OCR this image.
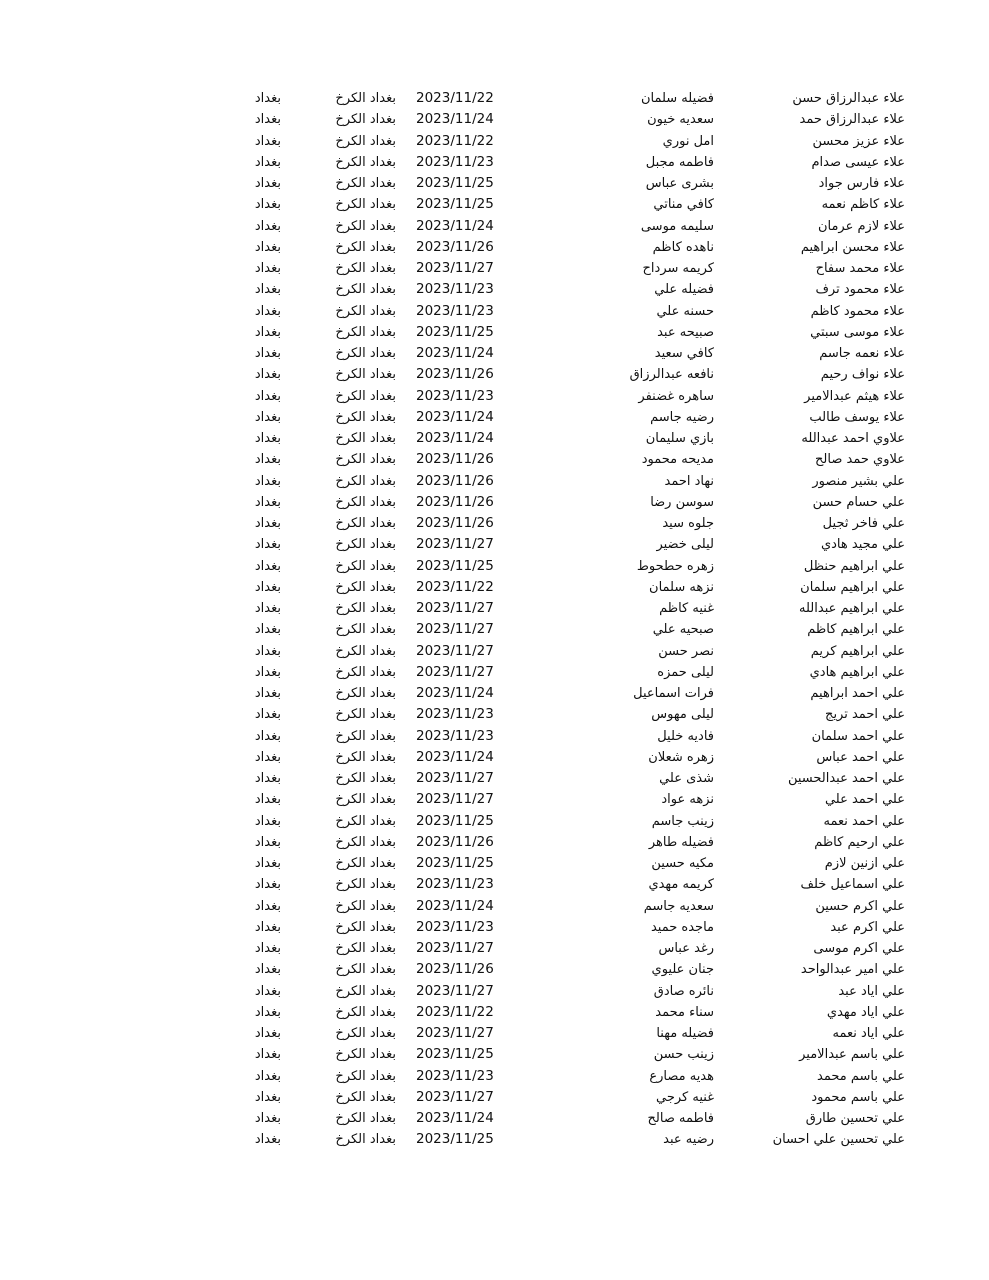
علاء عبدالرزاق حسن
فضيله سلمان
2023/11/22
بغداد الكرخ
بغداد
علاء عبدالرزاق حمد
سعديه خيون
2023/11/24
بغداد الكرخ
بغداد
علاء عزيز محسن
امل نوري
2023/11/22
بغداد الكرخ
بغداد
علاء عيسى صدام
فاطمه مجبل
2023/11/23
بغداد الكرخ
بغداد
علاء فارس جواد
بشرى عباس
2023/11/25
بغداد الكرخ
بغداد
علاء كاظم نعمه
كافي مناتي
2023/11/25
بغداد الكرخ
بغداد
علاء لازم عرمان
سليمه موسى
2023/11/24
بغداد الكرخ
بغداد
علاء محسن ابراهيم
ناهده كاظم
2023/11/26
بغداد الكرخ
بغداد
علاء محمد سفاح
كريمه سرداح
2023/11/27
بغداد الكرخ
بغداد
علاء محمود ترف
فضيله علي
2023/11/23
بغداد الكرخ
بغداد
علاء محمود كاظم
حسنه علي
2023/11/23
بغداد الكرخ
بغداد
علاء موسى سبتي
صبيحه عبد
2023/11/25
بغداد الكرخ
بغداد
علاء نعمه جاسم
كافي سعيد
2023/11/24
بغداد الكرخ
بغداد
علاء نواف رحيم
نافعه عبدالرزاق
2023/11/26
بغداد الكرخ
بغداد
علاء هيثم عبدالامير
ساهره غضنفر
2023/11/23
بغداد الكرخ
بغداد
علاء يوسف طالب
رضيه جاسم
2023/11/24
بغداد الكرخ
بغداد
علاوي احمد عبدالله
بازي سليمان
2023/11/24
بغداد الكرخ
بغداد
علاوي حمد صالح
مديحه محمود
2023/11/26
بغداد الكرخ
بغداد
علي بشير منصور
نهاد احمد
2023/11/26
بغداد الكرخ
بغداد
علي حسام حسن
سوسن رضا
2023/11/26
بغداد الكرخ
بغداد
علي فاخر ثجيل
جلوه سيد
2023/11/26
بغداد الكرخ
بغداد
علي مجيد هادي
ليلى خضير
2023/11/27
بغداد الكرخ
بغداد
علي ابراهيم حنظل
زهره حطحوط
2023/11/25
بغداد الكرخ
بغداد
علي ابراهيم سلمان
نزهه سلمان
2023/11/22
بغداد الكرخ
بغداد
علي ابراهيم عبدالله
غنيه كاظم
2023/11/27
بغداد الكرخ
بغداد
علي ابراهيم كاظم
صبحيه علي
2023/11/27
بغداد الكرخ
بغداد
علي ابراهيم كريم
نصر حسن
2023/11/27
بغداد الكرخ
بغداد
علي ابراهيم هادي
ليلى حمزه
2023/11/27
بغداد الكرخ
بغداد
علي احمد ابراهيم
فرات اسماعيل
2023/11/24
بغداد الكرخ
بغداد
علي احمد تريج
ليلى مهوس
2023/11/23
بغداد الكرخ
بغداد
علي احمد سلمان
فاديه خليل
2023/11/23
بغداد الكرخ
بغداد
علي احمد عباس
زهره شعلان
2023/11/24
بغداد الكرخ
بغداد
علي احمد عبدالحسين
شذى علي
2023/11/27
بغداد الكرخ
بغداد
علي احمد علي
نزهه عواد
2023/11/27
بغداد الكرخ
بغداد
علي احمد نعمه
زينب جاسم
2023/11/25
بغداد الكرخ
بغداد
علي ارحيم كاظم
فضيله طاهر
2023/11/26
بغداد الكرخ
بغداد
علي ازنين لازم
مكيه حسين
2023/11/25
بغداد الكرخ
بغداد
علي اسماعيل خلف
كريمه مهدي
2023/11/23
بغداد الكرخ
بغداد
علي اكرم حسين
سعديه جاسم
2023/11/24
بغداد الكرخ
بغداد
علي اكرم عبد
ماجده حميد
2023/11/23
بغداد الكرخ
بغداد
علي اكرم موسى
رغد عباس
2023/11/27
بغداد الكرخ
بغداد
علي امير عبدالواحد
جنان عليوي
2023/11/26
بغداد الكرخ
بغداد
علي اياد عبد
نائره صادق
2023/11/27
بغداد الكرخ
بغداد
علي اياد مهدي
سناء محمد
2023/11/22
بغداد الكرخ
بغداد
علي اياد نعمه
فضيله مهنا
2023/11/27
بغداد الكرخ
بغداد
علي باسم عبدالامير
زينب حسن
2023/11/25
بغداد الكرخ
بغداد
علي باسم محمد
هديه مصارع
2023/11/23
بغداد الكرخ
بغداد
علي باسم محمود
غنيه كرجي
2023/11/27
بغداد الكرخ
بغداد
علي تحسين طارق
فاطمه صالح
2023/11/24
بغداد الكرخ
بغداد
علي تحسين علي احسان
رضيه عبد
2023/11/25
بغداد الكرخ
بغداد
